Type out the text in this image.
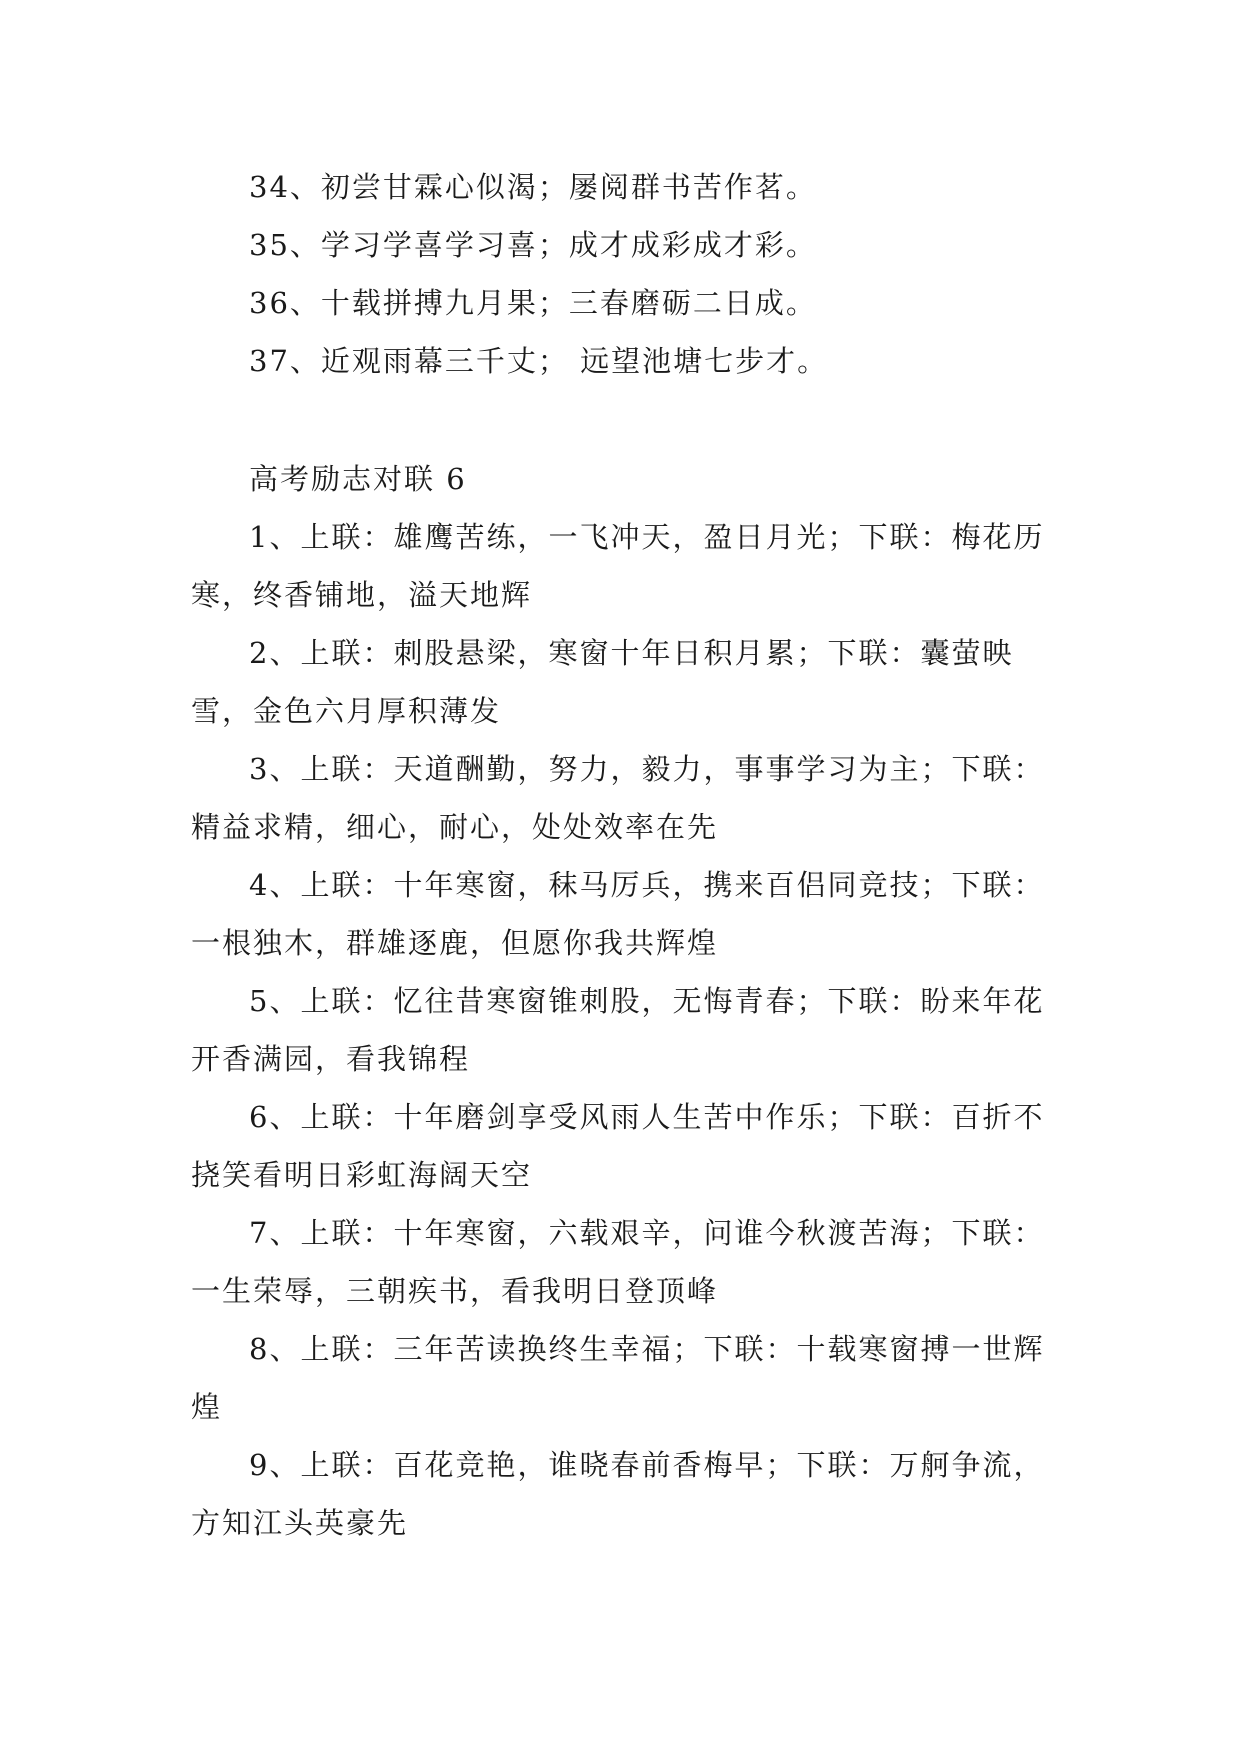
34、初尝甘霖心似渴；屡阅群书苦作茗。

35、学习学喜学习喜；成才成彩成才彩。

36、十载拼搏九月果；三春磨砺二日成。

37、近观雨幕三千丈； 远望池塘七步才。

高考励志对联 6

1、上联：雄鹰苦练，一飞冲天，盈日月光；下联：梅花历寒，终香铺地，溢天地辉

2、上联：刺股悬梁，寒窗十年日积月累；下联：囊萤映雪，金色六月厚积薄发

3、上联：天道酬勤，努力，毅力，事事学习为主；下联：精益求精，细心，耐心，处处效率在先

4、上联：十年寒窗，秣马厉兵，携来百侣同竞技；下联：一根独木，群雄逐鹿，但愿你我共辉煌

5、上联：忆往昔寒窗锥刺股，无悔青春；下联：盼来年花开香满园，看我锦程

6、上联：十年磨剑享受风雨人生苦中作乐；下联：百折不挠笑看明日彩虹海阔天空

7、上联：十年寒窗，六载艰辛，问谁今秋渡苦海；下联：一生荣辱，三朝疾书，看我明日登顶峰

8、上联：三年苦读换终生幸福；下联：十载寒窗搏一世辉煌

9、上联：百花竞艳，谁晓春前香梅早；下联：万舸争流，方知江头英豪先
